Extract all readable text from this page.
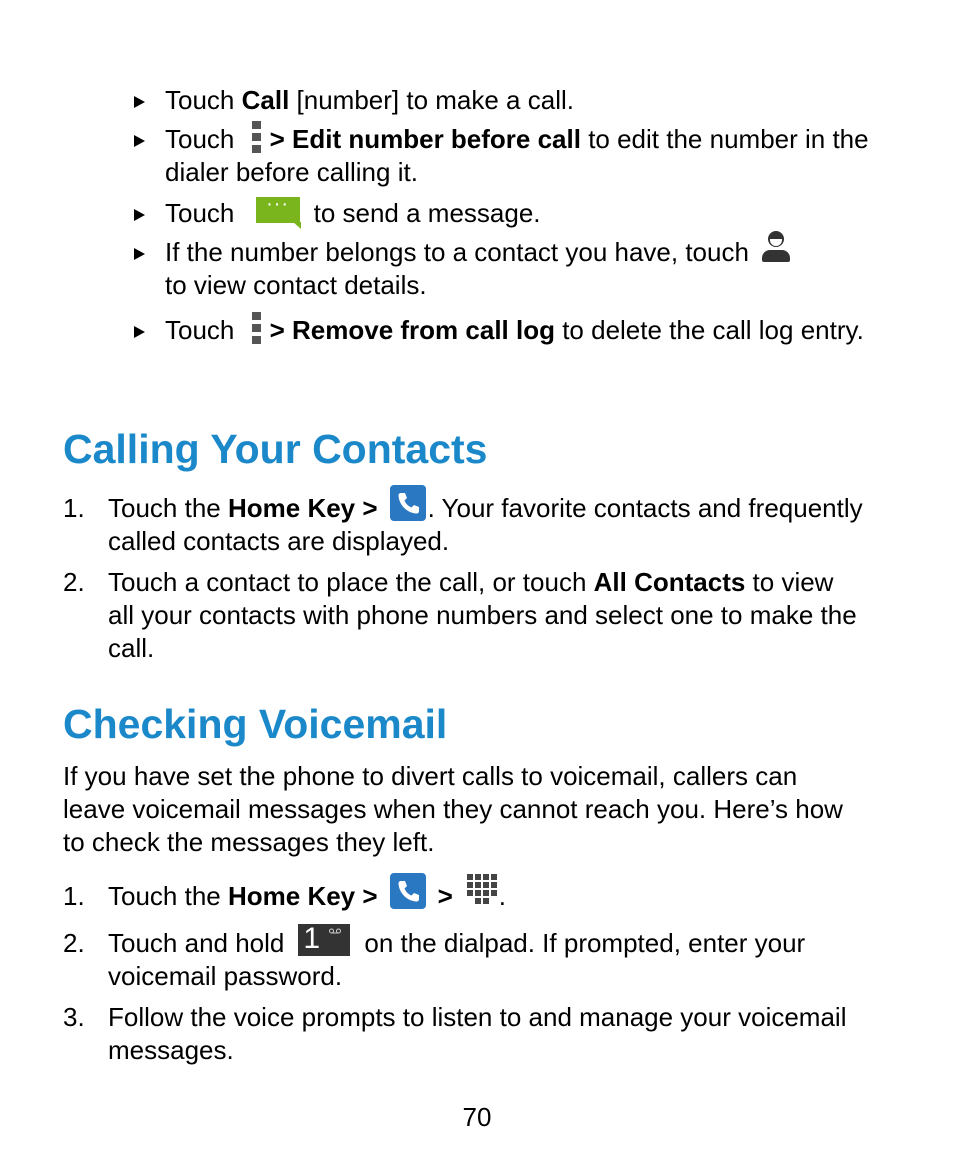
Touch Call [number] to make a call.
Touch
> Edit number before call to edit the number in the dialer before calling it.
Touch	··· to send a message.
If the number belongs to a contact you have, touch

to view contact details.
Touch
> Remove from call log to delete the call log entry.
Calling Your Contacts
1. Touch the Home Key > . Your favorite contacts and frequently called contacts are displayed.
2. Touch a contact to place the call, or touch All Contacts to view all your contacts with phone numbers and select one to make the call.
Checking Voicemail

If you have set the phone to divert calls to voicemail, callers can leave voicemail messages when they cannot reach you. Here’s how to check the messages they left.

1. Touch the Home Key > > .
2. Touch and hold 1 on the dialpad. If prompted, enter your voicemail password.
3. Follow the voice prompts to listen to and manage your voicemail messages.
70
